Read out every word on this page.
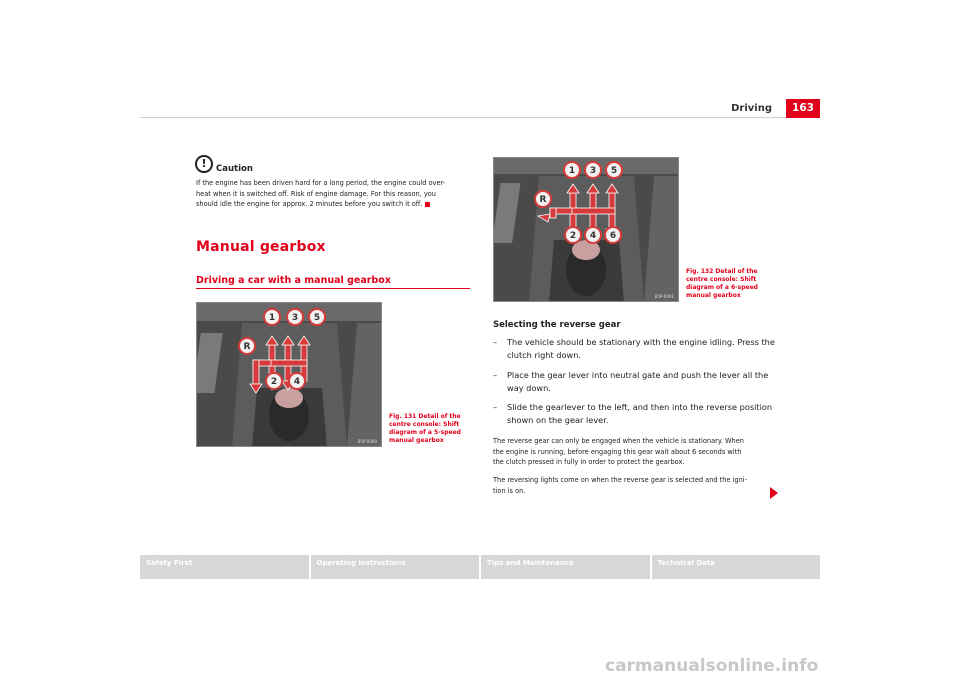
Driving	163
!	Caution
If the engine has been driven hard for a long period, the engine could over-
heat when it is switched off. Risk of engine damage. For this reason, you
should idle the engine for approx. 2 minutes before you switch it off.
Manual gearbox
Driving a car with a manual gearbox
1 3 5
R
2 4
B5P-0090
Fig. 131 Detail of the
centre console: Shift
diagram of a 5-speed
manual gearbox
1 3 5
R
2 4 6
B5P-0091
Fig. 132 Detail of the
centre console: Shift
diagram of a 6-speed
manual gearbox
Selecting the reverse gear
–	The vehicle should be stationary with the engine idling. Press the clutch right down.
–	Place the gear lever into neutral gate and push the lever all the way down.
–	Slide the gearlever to the left, and then into the reverse position shown on the gear lever.
The reverse gear can only be engaged when the vehicle is stationary. When
the engine is running, before engaging this gear wait about 6 seconds with
the clutch pressed in fully in order to protect the gearbox.
The reversing lights come on when the reverse gear is selected and the igni-
tion is on.
Safety First	Operating instructions	Tips and Maintenance	Technical Data
carmanualsonline.info
